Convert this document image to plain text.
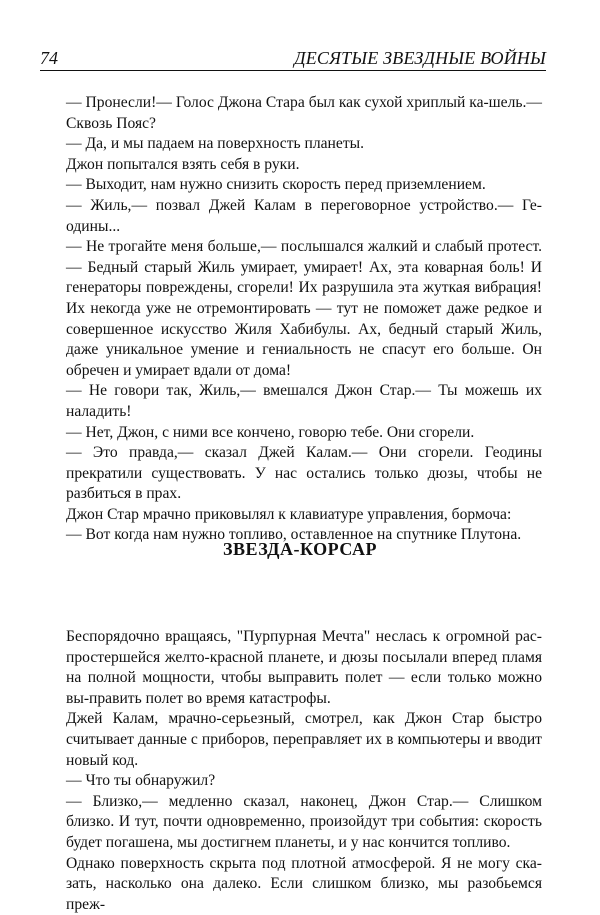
74	ДЕСЯТЫЕ ЗВЕЗДНЫЕ ВОЙНЫ

— Пронесли!— Голос Джона Стара был как сухой хриплый ка-шель.— Сквозь Пояс?

— Да, и мы падаем на поверхность планеты.

Джон попытался взять себя в руки.

— Выходит, нам нужно снизить скорость перед приземлением.

— Жиль,— позвал Джей Калам в переговорное устройство.— Ге-одины...

— Не трогайте меня больше,— послышался жалкий и слабый протест.— Бедный старый Жиль умирает, умирает! Ах, эта коварная боль! И генераторы повреждены, сгорели! Их разрушила эта жуткая вибрация! Их некогда уже не отремонтировать — тут не поможет даже редкое и совершенное искусство Жиля Хабибулы. Ах, бедный старый Жиль, даже уникальное умение и гениальность не спасут его больше. Он обречен и умирает вдали от дома!

— Не говори так, Жиль,— вмешался Джон Стар.— Ты можешь их наладить!

— Нет, Джон, с ними все кончено, говорю тебе. Они сгорели.

— Это правда,— сказал Джей Калам.— Они сгорели. Геодины прекратили существовать. У нас остались только дюзы, чтобы не разбиться в прах.

Джон Стар мрачно приковылял к клавиатуре управления, бормоча:

— Вот когда нам нужно топливо, оставленное на спутнике Плутона.

ЗВЕЗДА-КОРСАР

Беспорядочно вращаясь, "Пурпурная Мечта" неслась к огромной рас-простершейся желто-красной планете, и дюзы посылали вперед пламя на полной мощности, чтобы выправить полет — если только можно вы-править полет во время катастрофы.

Джей Калам, мрачно-серьезный, смотрел, как Джон Стар быстро считывает данные с приборов, переправляет их в компьютеры и вводит новый код.

— Что ты обнаружил?

— Близко,— медленно сказал, наконец, Джон Стар.— Слишком близко. И тут, почти одновременно, произойдут три события: скорость будет погашена, мы достигнем планеты, и у нас кончится топливо.

Однако поверхность скрыта под плотной атмосферой. Я не могу ска-зать, насколько она далеко. Если слишком близко, мы разобьемся преж-
